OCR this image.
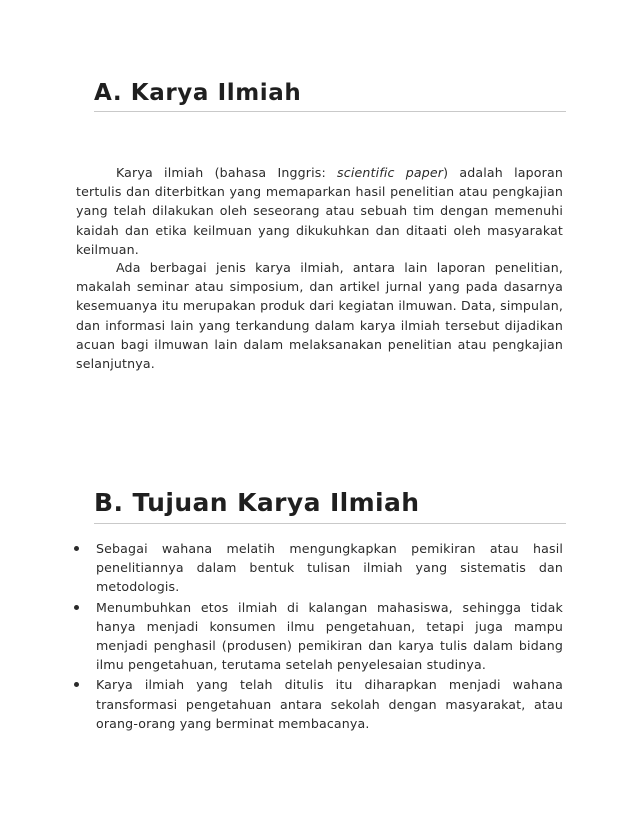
A. Karya Ilmiah

Karya ilmiah (bahasa Inggris: scientific paper) adalah laporan tertulis dan diterbitkan yang memaparkan hasil penelitian atau pengkajian yang telah dilakukan oleh seseorang atau sebuah tim dengan memenuhi kaidah dan etika keilmuan yang dikukuhkan dan ditaati oleh masyarakat keilmuan.

Ada berbagai jenis karya ilmiah, antara lain laporan penelitian, makalah seminar atau simposium, dan artikel jurnal yang pada dasarnya kesemuanya itu merupakan produk dari kegiatan ilmuwan. Data, simpulan, dan informasi lain yang terkandung dalam karya ilmiah tersebut dijadikan acuan bagi ilmuwan lain dalam melaksanakan penelitian atau pengkajian selanjutnya.

B. Tujuan Karya Ilmiah
Sebagai wahana melatih mengungkapkan pemikiran atau hasil penelitiannya dalam bentuk tulisan ilmiah yang sistematis dan metodologis.
Menumbuhkan etos ilmiah di kalangan mahasiswa, sehingga tidak hanya menjadi konsumen ilmu pengetahuan, tetapi juga mampu menjadi penghasil (produsen) pemikiran dan karya tulis dalam bidang ilmu pengetahuan, terutama setelah penyelesaian studinya.
Karya ilmiah yang telah ditulis itu diharapkan menjadi wahana transformasi pengetahuan antara sekolah dengan masyarakat, atau orang-orang yang berminat membacanya.
